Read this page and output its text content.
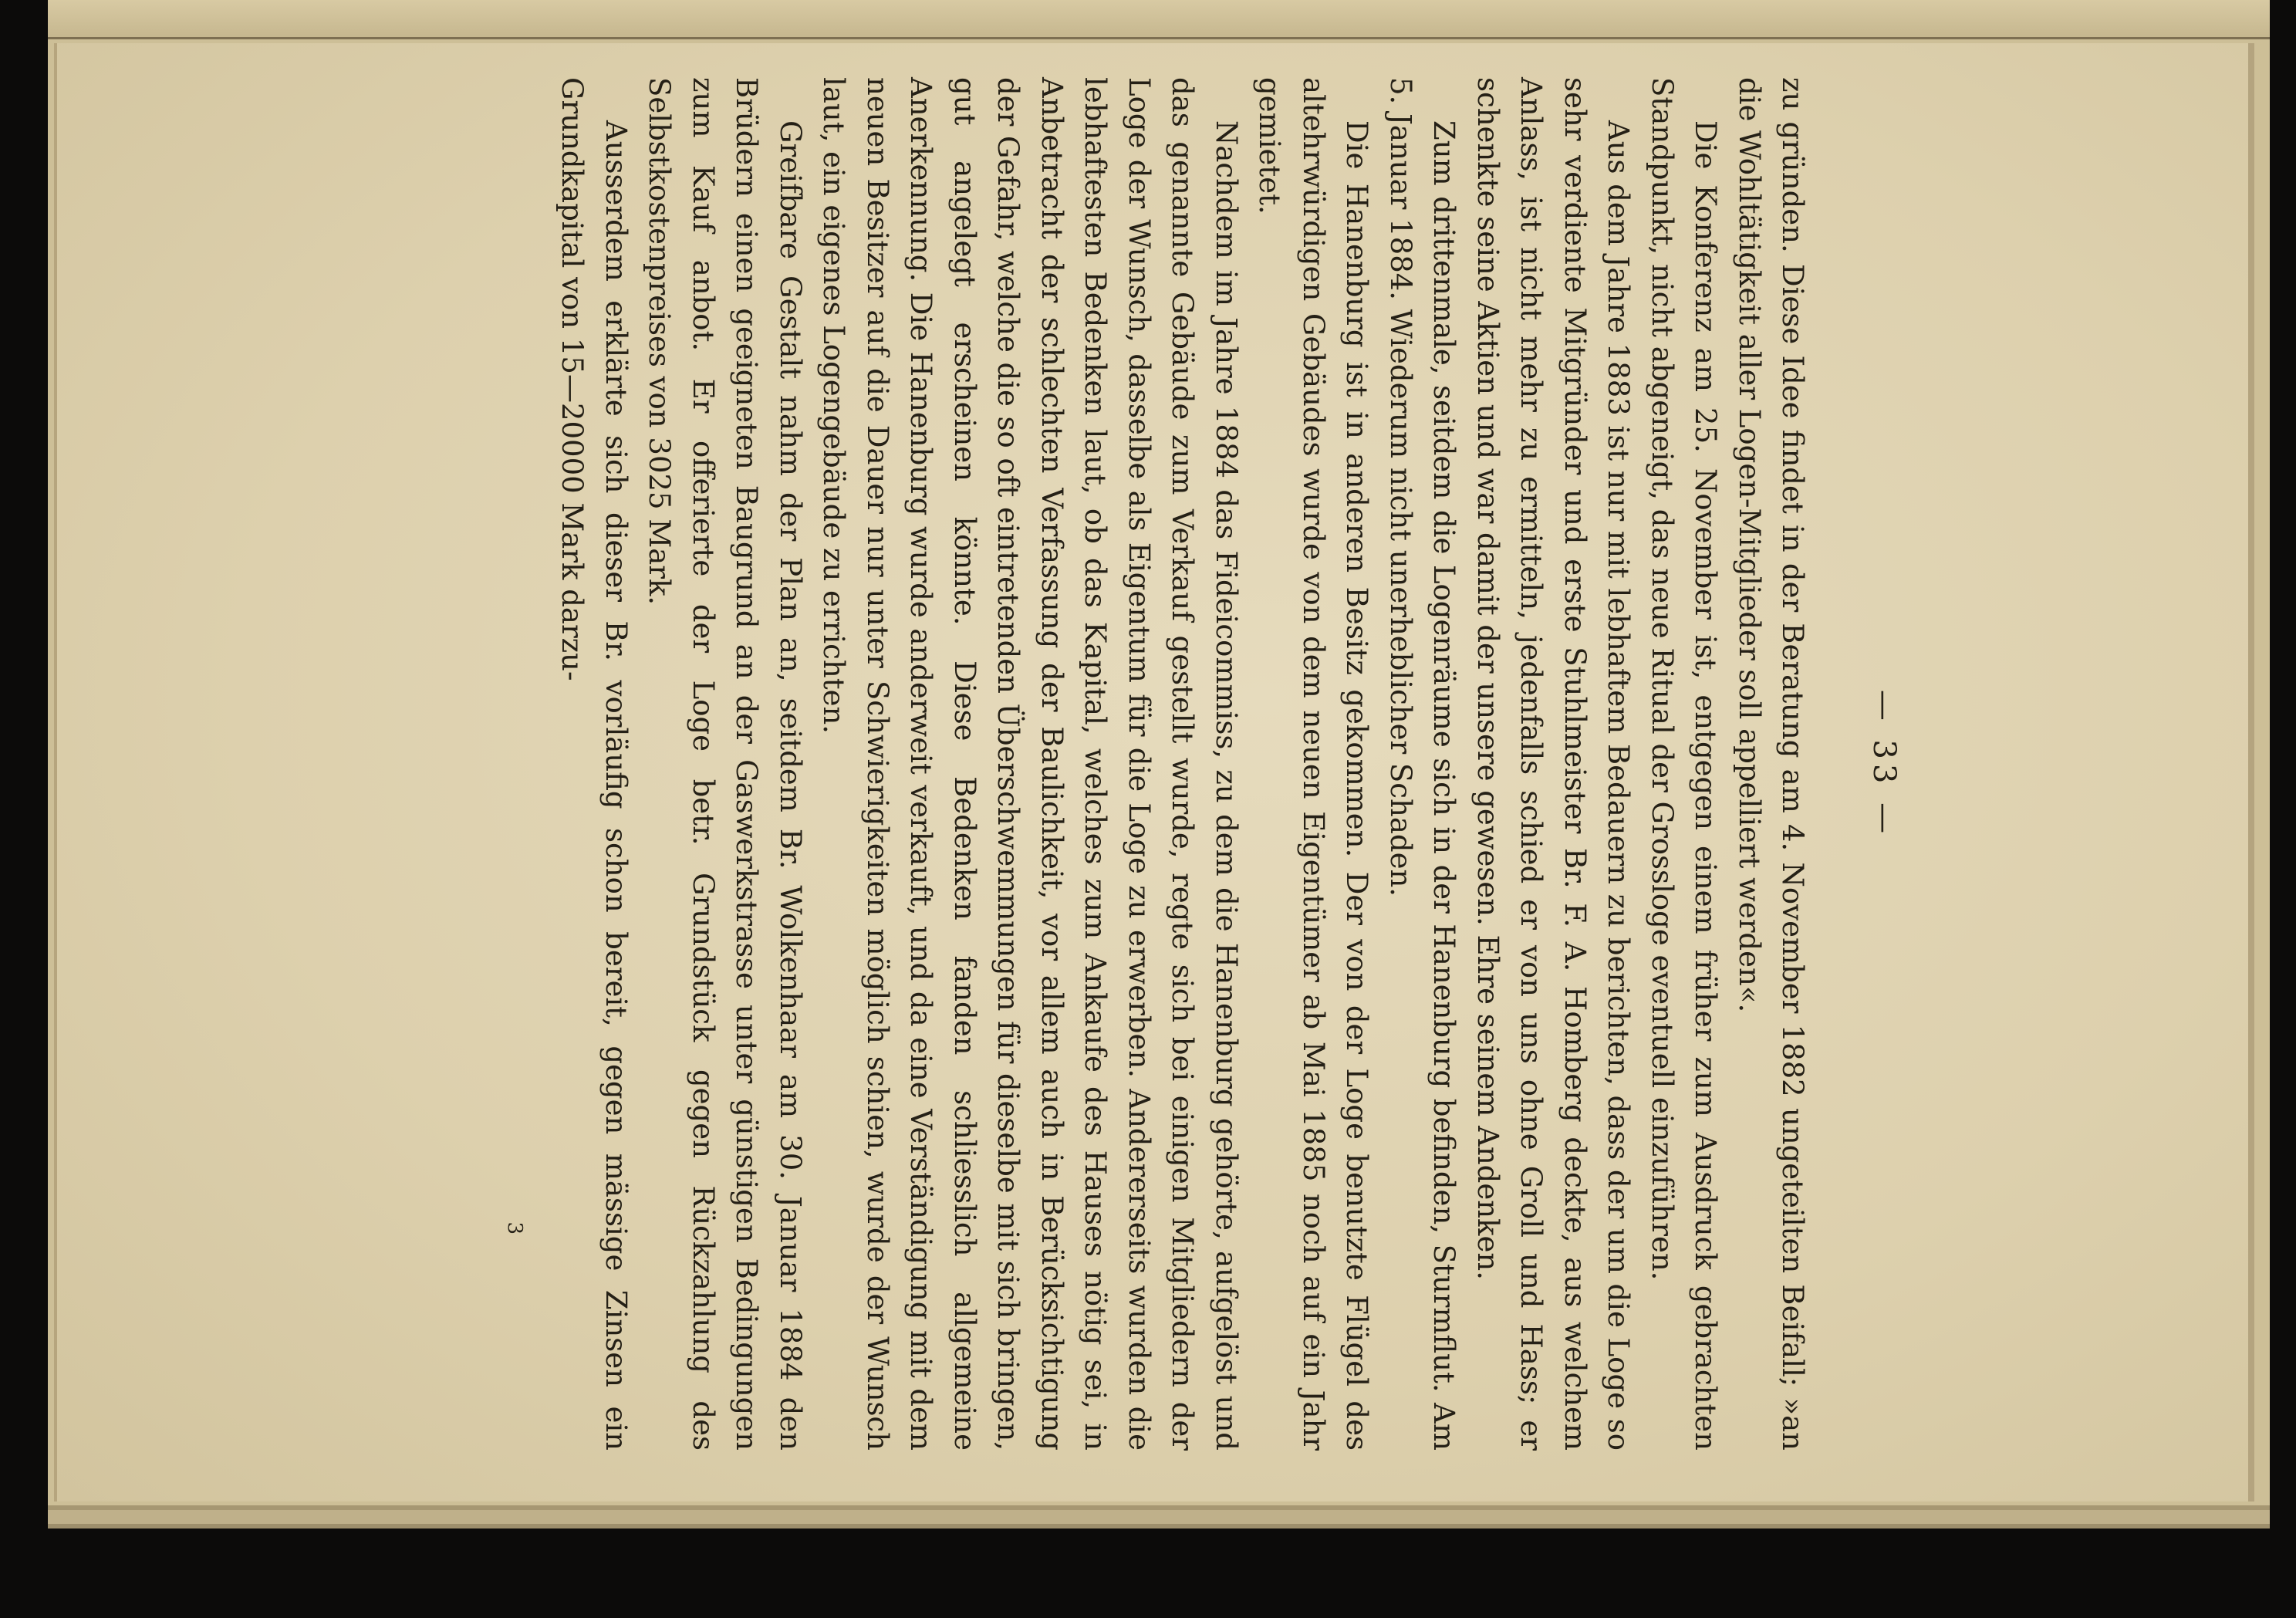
— 33 —

zu gründen. Diese Idee findet in der Beratung am 4. November 1882 ungeteilten Beifall; »an die Wohltätigkeit aller Logen-Mitglieder soll appelliert werden«.

Die Konferenz am 25. November ist, entgegen einem früher zum Ausdruck gebrachten Standpunkt, nicht abgeneigt, das neue Ritual der Grossloge eventuell einzuführen.

Aus dem Jahre 1883 ist nur mit lebhaftem Bedauern zu berichten, dass der um die Loge so sehr verdiente Mitgründer und erste Stuhlmeister Br. F. A. Homberg deckte, aus welchem Anlass, ist nicht mehr zu ermitteln, jedenfalls schied er von uns ohne Groll und Hass; er schenkte seine Aktien und war damit der unsere gewesen. Ehre seinem Andenken.

Zum drittenmale, seitdem die Logenräume sich in der Hanenburg befinden, Sturmflut. Am 5. Januar 1884. Wiederum nicht unerheblicher Schaden.

Die Hanenburg ist in anderen Besitz gekommen. Der von der Loge benutzte Flügel des altehrwürdigen Gebäudes wurde von dem neuen Eigentümer ab Mai 1885 noch auf ein Jahr gemietet.

Nachdem im Jahre 1884 das Fideicommiss, zu dem die Hanenburg gehörte, aufgelöst und das genannte Gebäude zum Verkauf gestellt wurde, regte sich bei einigen Mitgliedern der Loge der Wunsch, dasselbe als Eigentum für die Loge zu erwerben. Andererseits wurden die lebhaftesten Bedenken laut, ob das Kapital, welches zum Ankaufe des Hauses nötig sei, in Anbetracht der schlechten Verfassung der Baulichkeit, vor allem auch in Berücksichtigung der Gefahr, welche die so oft eintretenden Überschwemmungen für dieselbe mit sich bringen, gut angelegt erscheinen könnte. Diese Bedenken fanden schliesslich allgemeine Anerkennung. Die Hanenburg wurde anderweit verkauft, und da eine Verständigung mit dem neuen Besitzer auf die Dauer nur unter Schwierigkeiten möglich schien, wurde der Wunsch laut, ein eigenes Logengebäude zu errichten.

Greifbare Gestalt nahm der Plan an, seitdem Br. Wolkenhaar am 30. Januar 1884 den Brüdern einen geeigneten Baugrund an der Gaswerkstrasse unter günstigen Bedingungen zum Kauf anbot. Er offerierte der Loge betr. Grundstück gegen Rückzahlung des Selbstkostenpreises von 3025 Mark.

Ausserdem erklärte sich dieser Br. vorläufig schon bereit, gegen mässige Zinsen ein Grundkapital von 15—20000 Mark darzu-

3
